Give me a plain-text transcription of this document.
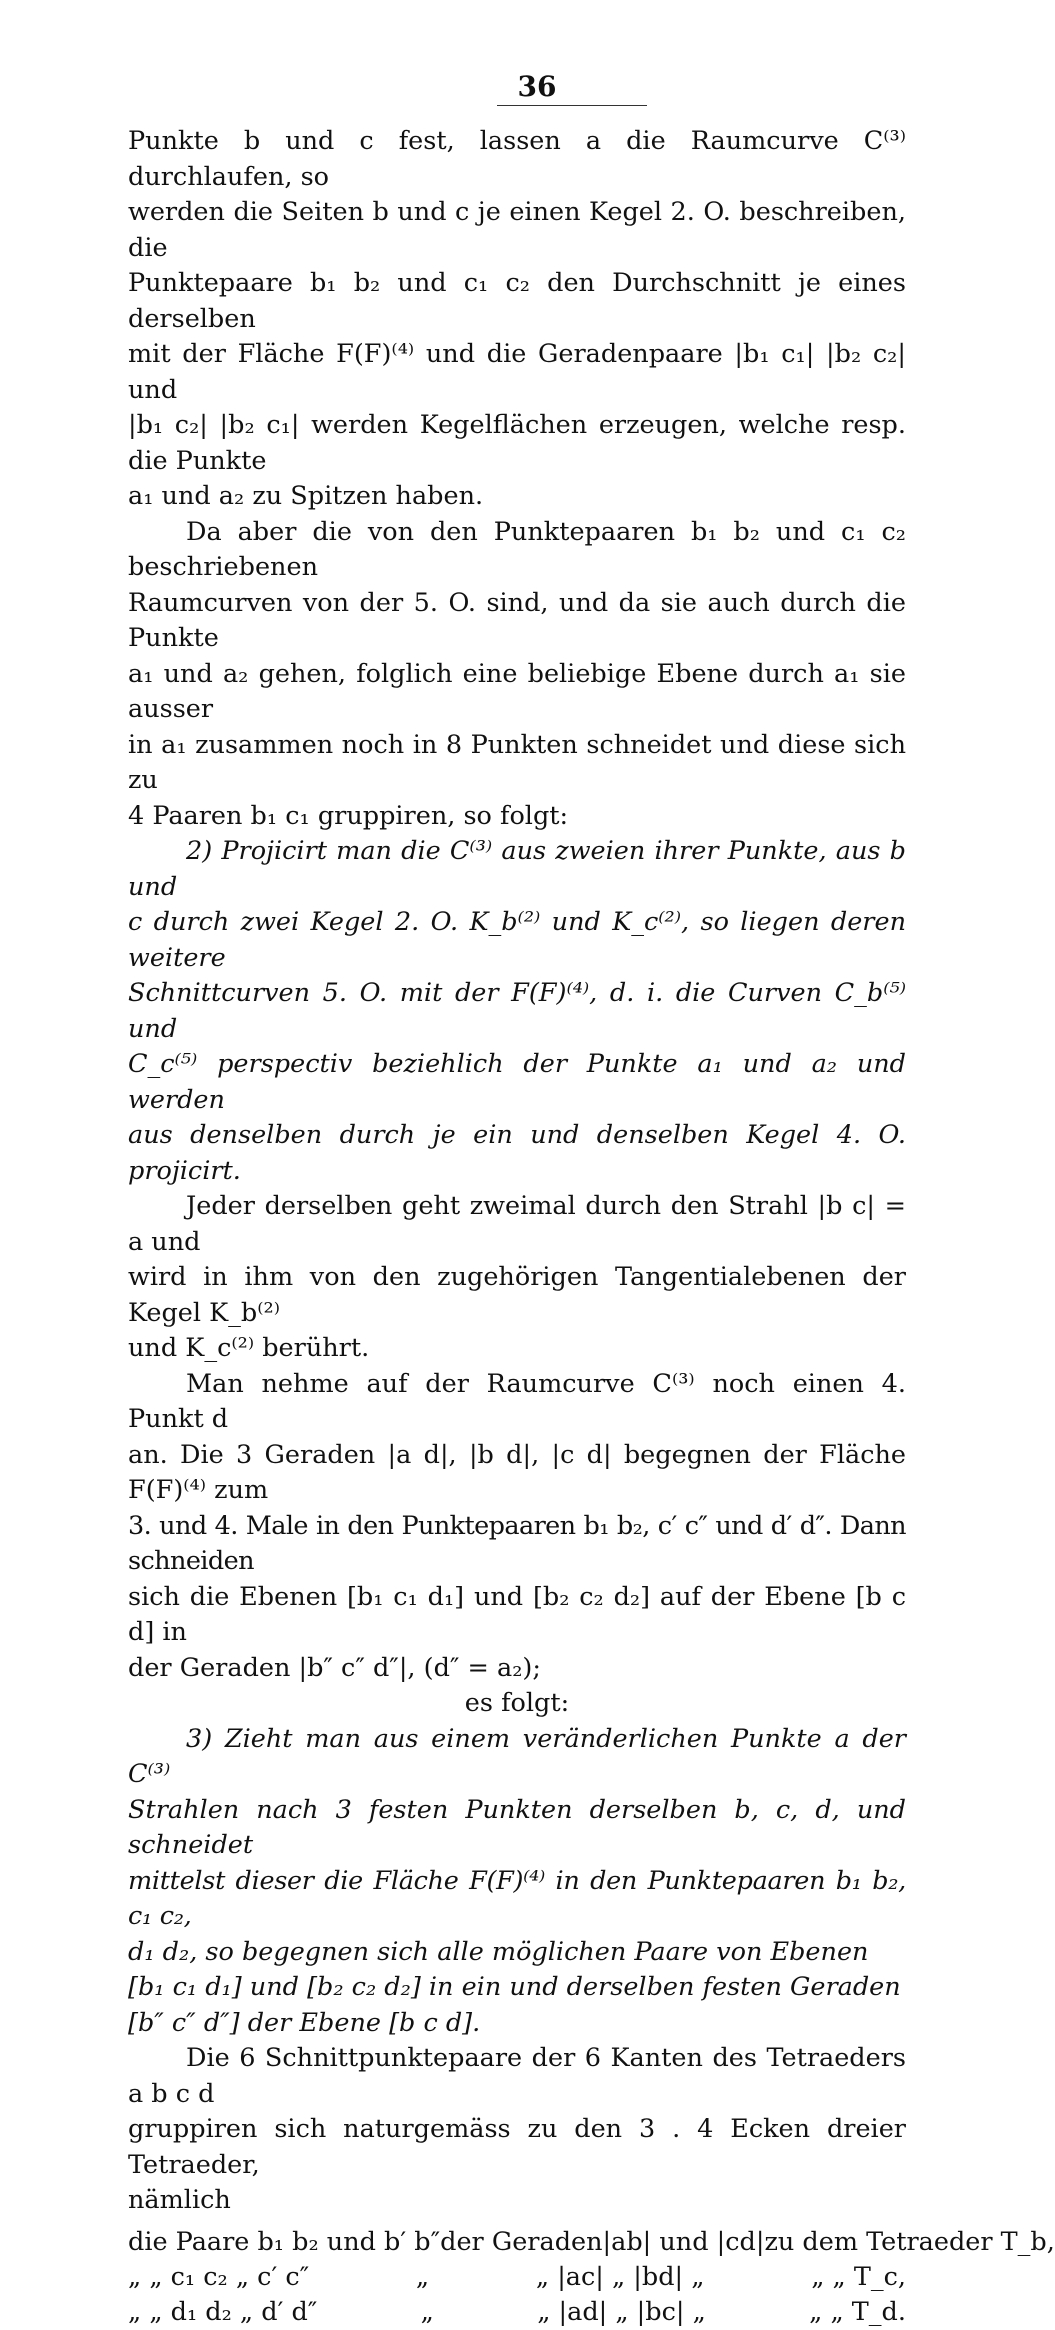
36

Punkte b und c fest, lassen a die Raumcurve C⁽³⁾ durchlaufen, so
werden die Seiten b und c je einen Kegel 2. O. beschreiben, die
Punktepaare b₁ b₂ und c₁ c₂ den Durchschnitt je eines derselben
mit der Fläche F(F)⁽⁴⁾ und die Geradenpaare |b₁ c₁| |b₂ c₂| und
|b₁ c₂| |b₂ c₁| werden Kegelflächen erzeugen, welche resp. die Punkte
a₁ und a₂ zu Spitzen haben.

Da aber die von den Punktepaaren b₁ b₂ und c₁ c₂ beschriebenen
Raumcurven von der 5. O. sind, und da sie auch durch die Punkte
a₁ und a₂ gehen, folglich eine beliebige Ebene durch a₁ sie ausser
in a₁ zusammen noch in 8 Punkten schneidet und diese sich zu
4 Paaren b₁ c₁ gruppiren, so folgt:

2) Projicirt man die C⁽³⁾ aus zweien ihrer Punkte, aus b und
c durch zwei Kegel 2. O. K_b⁽²⁾ und K_c⁽²⁾, so liegen deren weitere
Schnittcurven 5. O. mit der F(F)⁽⁴⁾, d. i. die Curven C_b⁽⁵⁾ und
C_c⁽⁵⁾ perspectiv beziehlich der Punkte a₁ und a₂ und werden
aus denselben durch je ein und denselben Kegel 4. O. projicirt.

Jeder derselben geht zweimal durch den Strahl |b c| = a und
wird in ihm von den zugehörigen Tangentialebenen der Kegel K_b⁽²⁾
und K_c⁽²⁾ berührt.

Man nehme auf der Raumcurve C⁽³⁾ noch einen 4. Punkt d
an. Die 3 Geraden |a d|, |b d|, |c d| begegnen der Fläche F(F)⁽⁴⁾ zum
3. und 4. Male in den Punktepaaren b₁ b₂, c′ c″ und d′ d″. Dann schneiden
sich die Ebenen [b₁ c₁ d₁] und [b₂ c₂ d₂] auf der Ebene [b c d] in
der Geraden |b″ c″ d″|, (d″ = a₂);

es folgt:

3) Zieht man aus einem veränderlichen Punkte a der C⁽³⁾
Strahlen nach 3 festen Punkten derselben b, c, d, und schneidet
mittelst dieser die Fläche F(F)⁽⁴⁾ in den Punktepaaren b₁ b₂, c₁ c₂,
d₁ d₂, so begegnen sich alle möglichen Paare von Ebenen
[b₁ c₁ d₁] und [b₂ c₂ d₂] in ein und derselben festen Geraden
[b″ c″ d″] der Ebene [b c d].

Die 6 Schnittpunktepaare der 6 Kanten des Tetraeders a b c d
gruppiren sich naturgemäss zu den 3 . 4 Ecken dreier Tetraeder,
nämlich

die Paare b₁ b₂ und b′ b″ der Geraden |ab| und |cd| zu dem Tetraeder T_b,
„ „ c₁ c₂ „ c′ c″	„	„ |ac| „ |bd| „	„ „ T_c,
„ „ d₁ d₂ „ d′ d″	„	„ |ad| „ |bc| „	„ „ T_d.
